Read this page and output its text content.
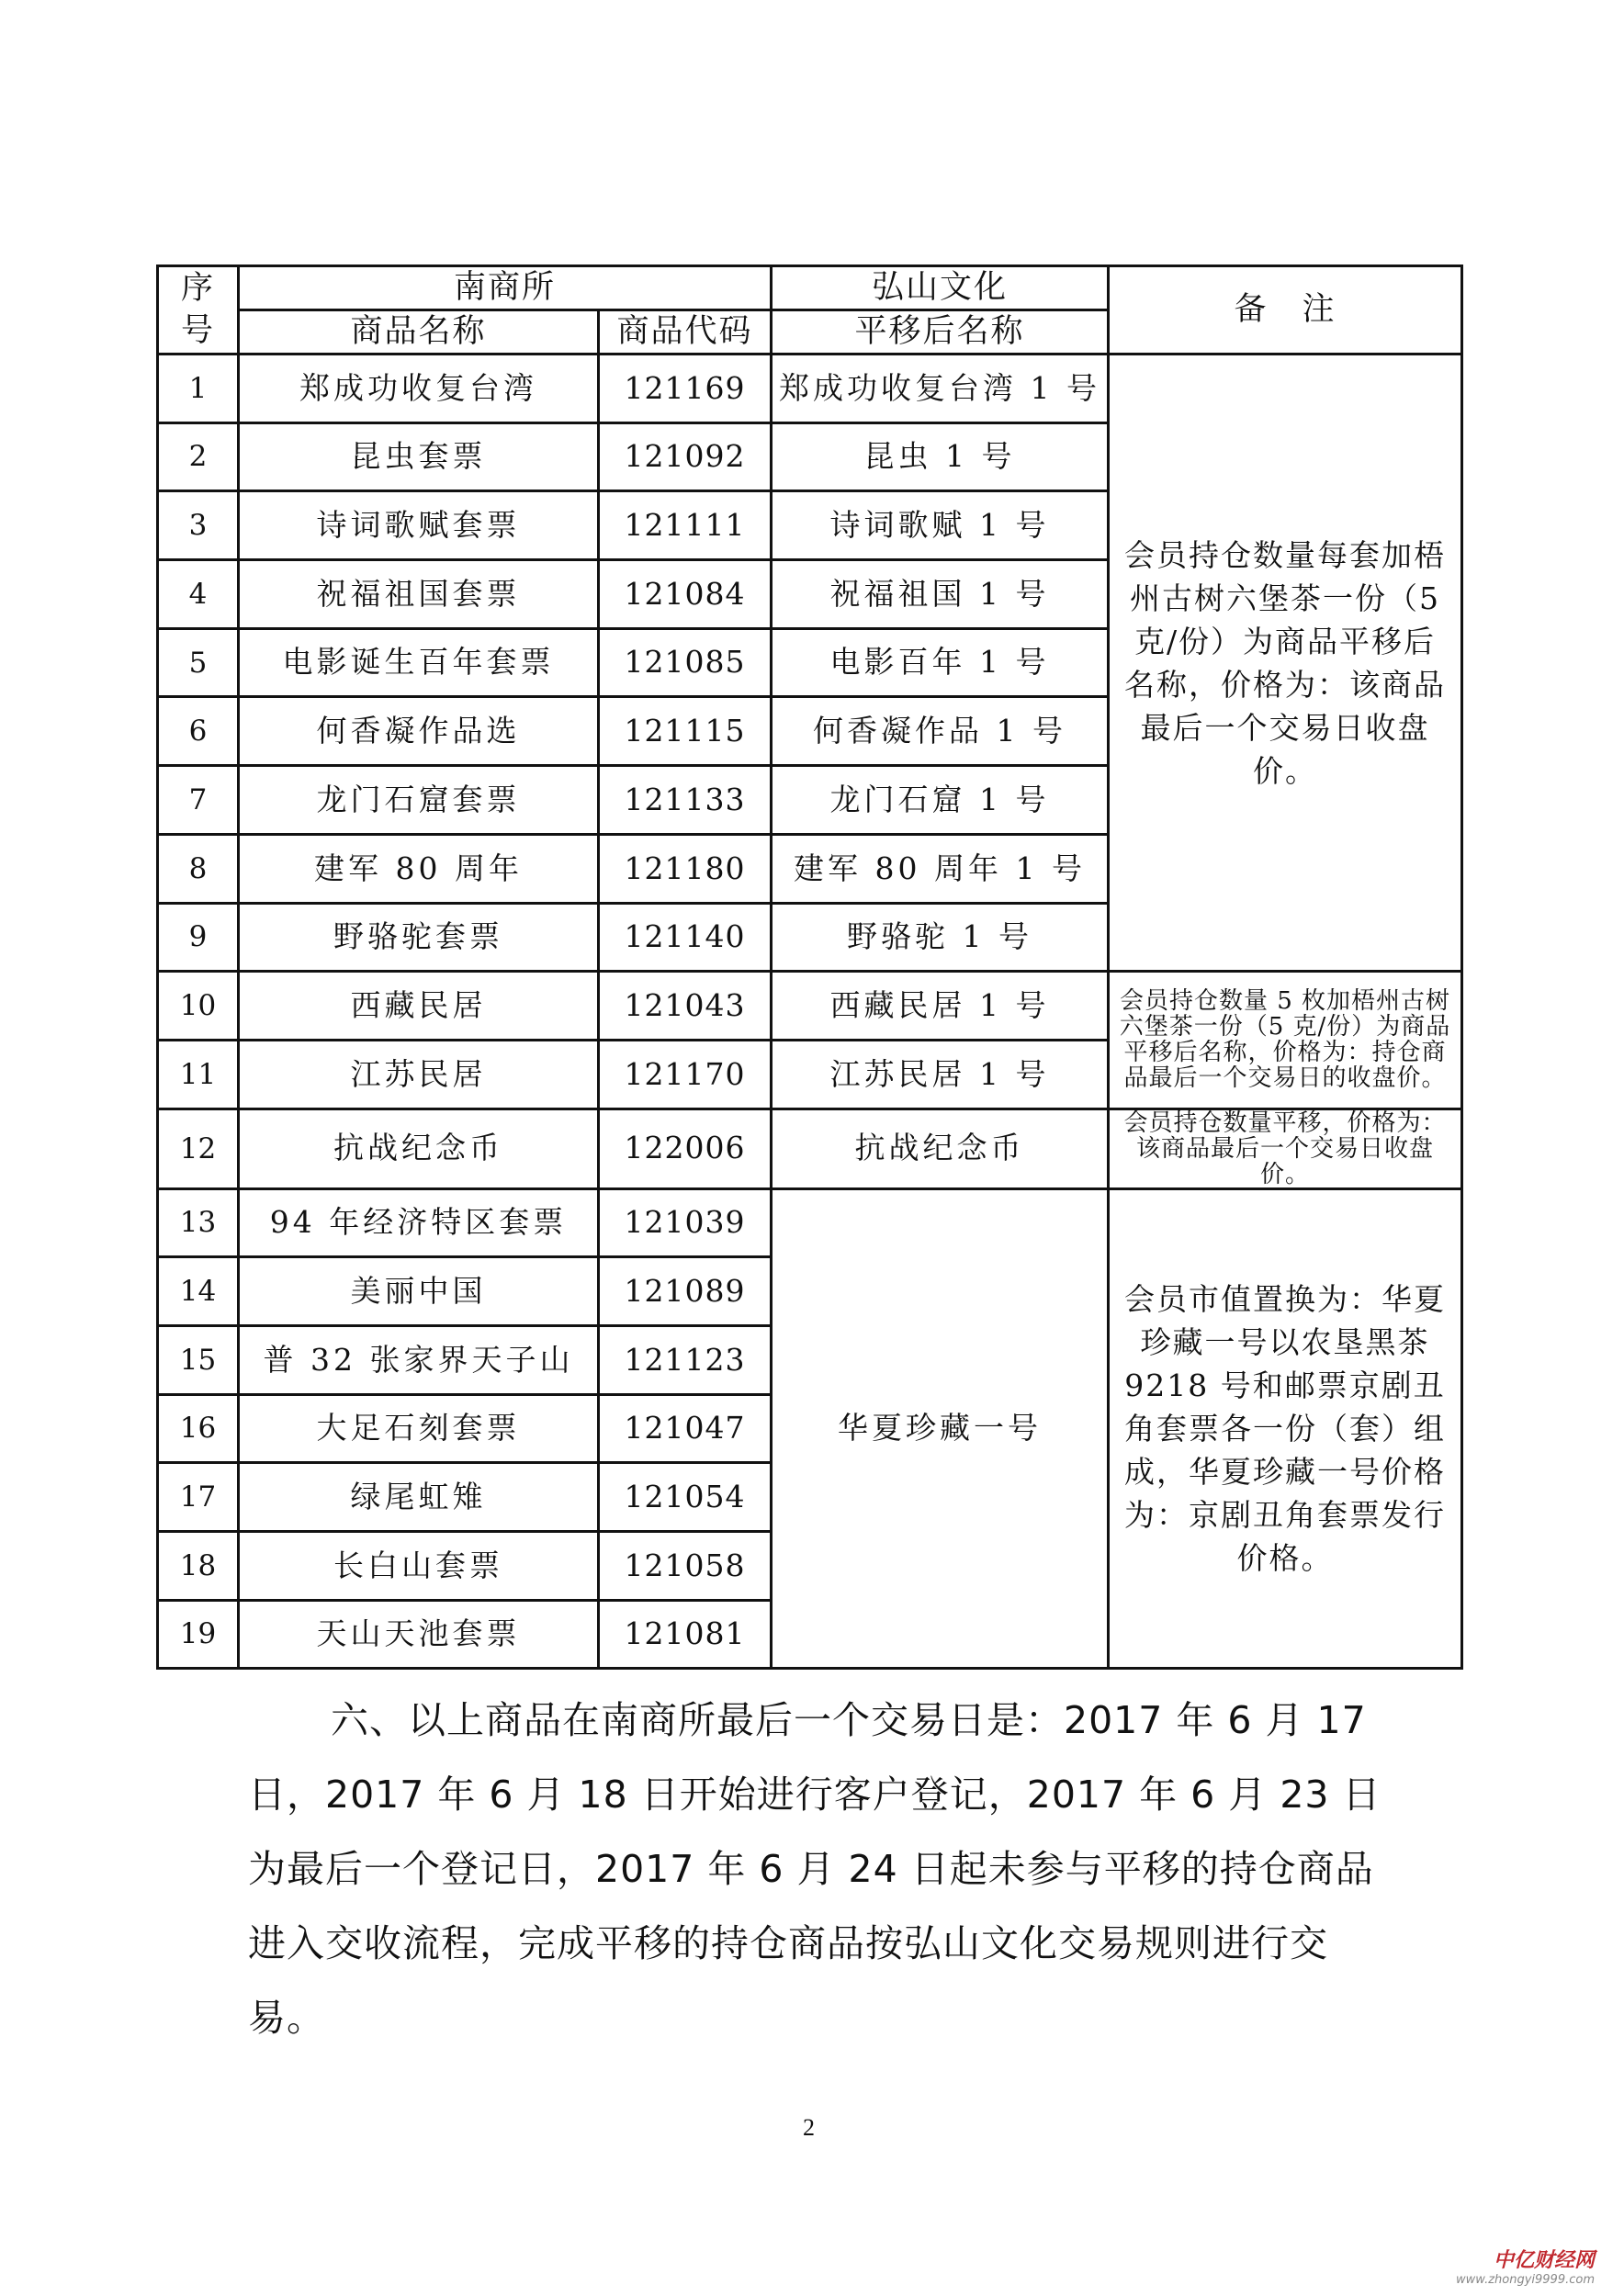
序
号	南商所		弘山文化	备　注
	商品名称	商品代码	平移后名称	
1	郑成功收复台湾	121169	郑成功收复台湾 1 号	会员持仓数量每套加梧州古树六堡茶一份（5 克/份）为商品平移后名称，价格为：该商品最后一个交易日收盘价。
2	昆虫套票	121092	昆虫 1 号	
3	诗词歌赋套票	121111	诗词歌赋 1 号	
4	祝福祖国套票	121084	祝福祖国 1 号	
5	电影诞生百年套票	121085	电影百年 1 号	
6	何香凝作品选	121115	何香凝作品 1 号	
7	龙门石窟套票	121133	龙门石窟 1 号	
8	建军 80 周年	121180	建军 80 周年 1 号	
9	野骆驼套票	121140	野骆驼 1 号	
10	西藏民居	121043	西藏民居 1 号	会员持仓数量 5 枚加梧州古树六堡茶一份（5 克/份）为商品平移后名称，价格为：持仓商品最后一个交易日的收盘价。
11	江苏民居	121170	江苏民居 1 号	
12	抗战纪念币	122006	抗战纪念币	会员持仓数量平移，价格为：该商品最后一个交易日收盘价。
13	94 年经济特区套票	121039	华夏珍藏一号	会员市值置换为：华夏珍藏一号以农垦黑茶 9218 号和邮票京剧丑角套票各一份（套）组成，华夏珍藏一号价格为：京剧丑角套票发行价格。
14	美丽中国	121089		
15	普 32 张家界天子山	121123		
16	大足石刻套票	121047		
17	绿尾虹雉	121054		
18	长白山套票	121058		
19	天山天池套票	121081		

六、以上商品在南商所最后一个交易日是：2017 年 6 月 17 日，2017 年 6 月 18 日开始进行客户登记，2017 年 6 月 23 日为最后一个登记日，2017 年 6 月 24 日起未参与平移的持仓商品进入交收流程，完成平移的持仓商品按弘山文化交易规则进行交易。

2
中亿财经网
www.zhongyi9999.com
